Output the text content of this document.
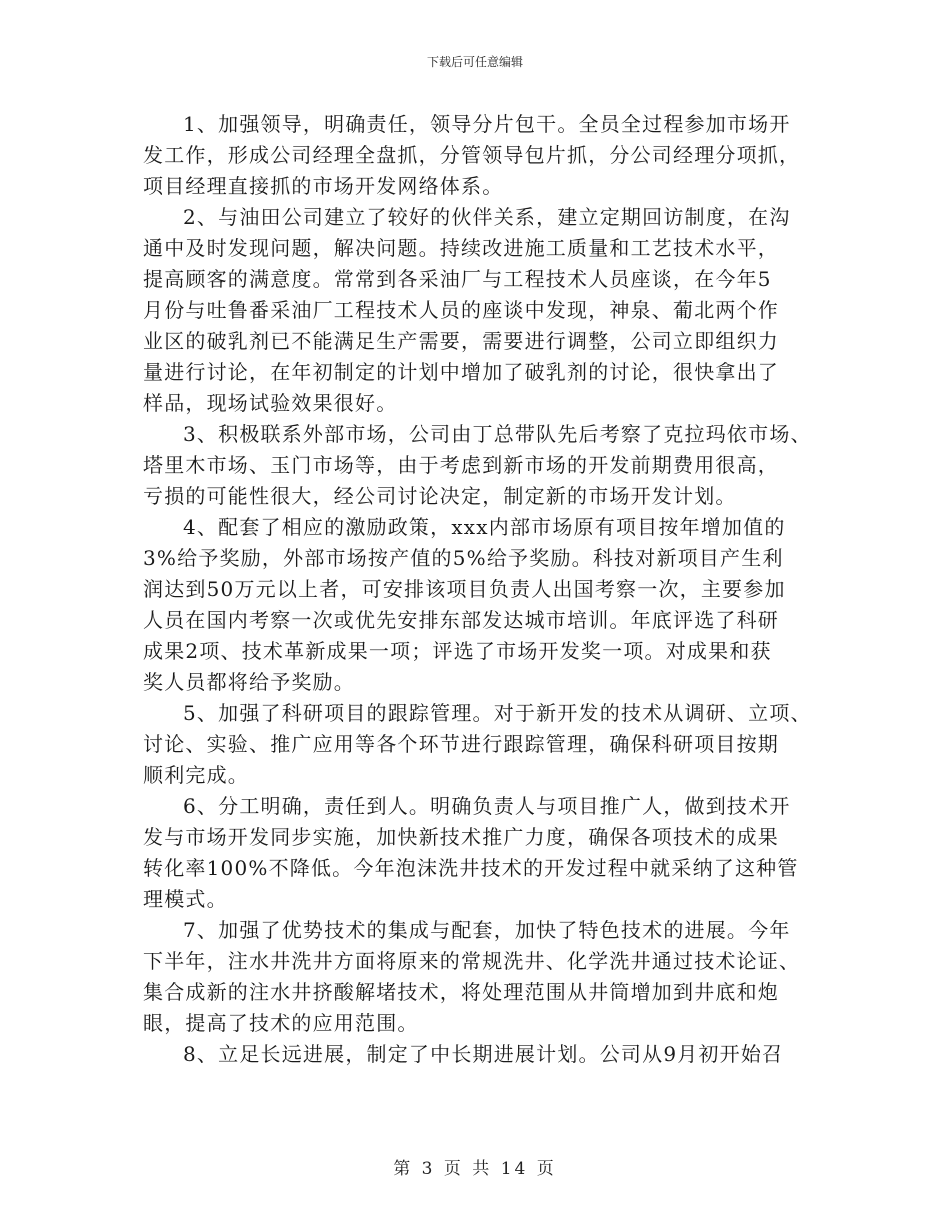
下载后可任意编辑
1、加强领导，明确责任，领导分片包干。全员全过程参加市场开
发工作，形成公司经理全盘抓，分管领导包片抓，分公司经理分项抓，
项目经理直接抓的市场开发网络体系。
2、与油田公司建立了较好的伙伴关系，建立定期回访制度，在沟
通中及时发现问题，解决问题。持续改进施工质量和工艺技术水平，
提高顾客的满意度。常常到各采油厂与工程技术人员座谈，在今年5
月份与吐鲁番采油厂工程技术人员的座谈中发现，神泉、葡北两个作
业区的破乳剂已不能满足生产需要，需要进行调整，公司立即组织力
量进行讨论，在年初制定的计划中增加了破乳剂的讨论，很快拿出了
样品，现场试验效果很好。
3、积极联系外部市场，公司由丁总带队先后考察了克拉玛依市场、
塔里木市场、玉门市场等，由于考虑到新市场的开发前期费用很高，
亏损的可能性很大，经公司讨论决定，制定新的市场开发计划。
4、配套了相应的激励政策，xxx内部市场原有项目按年增加值的
3%给予奖励，外部市场按产值的5%给予奖励。科技对新项目产生利
润达到50万元以上者，可安排该项目负责人出国考察一次，主要参加
人员在国内考察一次或优先安排东部发达城市培训。年底评选了科研
成果2项、技术革新成果一项；评选了市场开发奖一项。对成果和获
奖人员都将给予奖励。
5、加强了科研项目的跟踪管理。对于新开发的技术从调研、立项、
讨论、实验、推广应用等各个环节进行跟踪管理，确保科研项目按期
顺利完成。
6、分工明确，责任到人。明确负责人与项目推广人，做到技术开
发与市场开发同步实施，加快新技术推广力度，确保各项技术的成果
转化率100%不降低。今年泡沫洗井技术的开发过程中就采纳了这种管
理模式。
7、加强了优势技术的集成与配套，加快了特色技术的进展。今年
下半年，注水井洗井方面将原来的常规洗井、化学洗井通过技术论证、
集合成新的注水井挤酸解堵技术，将处理范围从井筒增加到井底和炮
眼，提高了技术的应用范围。
8、立足长远进展，制定了中长期进展计划。公司从9月初开始召
第 3 页 共 14 页
